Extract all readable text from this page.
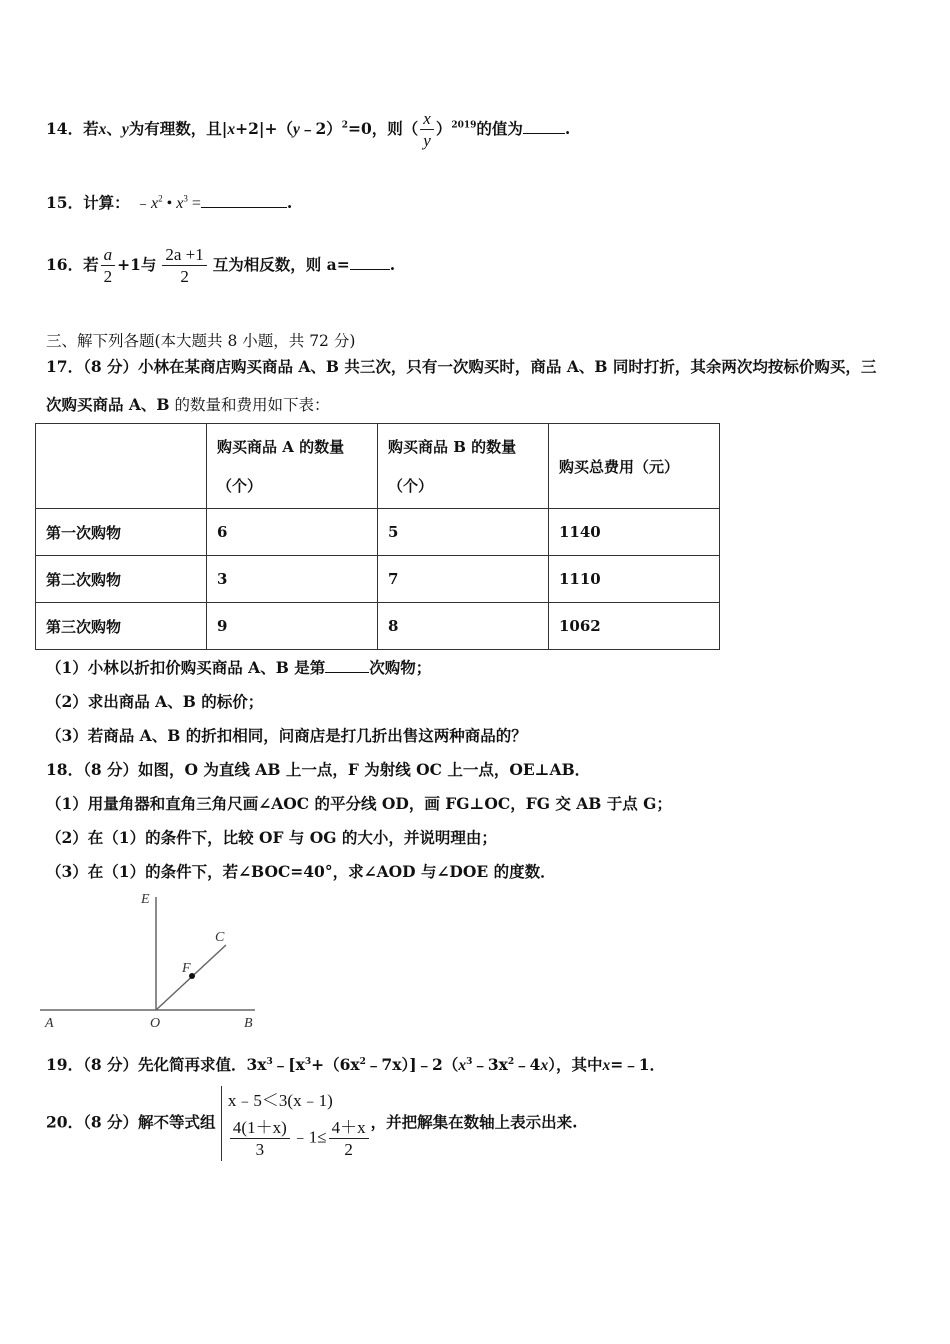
14．若x、y为有理数，且|x+2|+（y﹣2）$^2$=0，则（ $\frac{x}{y} )^{2019}$的值为	.
15．计算： $﹣x^2$ • $x^3$ =	.
16．若 $\frac{a}{2} +1$与 $\frac{2a +1}{2}$ 互为相反数，则 a=	.
三、解下列各题(本大题共 8 小题，共 72 分)
17．（8 分）小林在某商店购买商品 A、B 共三次，只有一次购买时，商品 A、B 同时打折，其余两次均按标价购买，三
次购买商品 A、B 的数量和费用如下表：

	购买商品 A 的数量
（个）	购买商品 B 的数量
（个）	购买总费用（元）
第一次购物	6	5	1140
第二次购物	3	7	1110
第三次购物	9	8	1062
（1）小林以折扣价购买商品 A、B 是第	次购物；
（2）求出商品 A、B 的标价；
（3）若商品 A、B 的折扣相同，问商店是打几折出售这两种商品的？
18．（8 分）如图，O 为直线 AB 上一点，F 为射线 OC 上一点，OE⊥AB．
（1）用量角器和直角三角尺画∠AOC 的平分线 OD，画 FG⊥OC，FG 交 AB 于点 G；
（2）在（1）的条件下，比较 OF 与 OG 的大小，并说明理由；
（3）在（1）的条件下，若∠BOC=40°，求∠AOD 与∠DOE 的度数．
E
C
F
A	O	B
19．（8 分）先化简再求值．$3x^3﹣[x^3+(6x^2﹣7x)]﹣2(x^3﹣3x^2﹣4x)$，其中x=﹣1．
20．（8 分）解不等式组
x﹣5＜3(x﹣1)
$\frac{4(1+x)}{3}$ ﹣1≤ $\frac{4+x}{2}$ ，并把解集在数轴上表示出来.
